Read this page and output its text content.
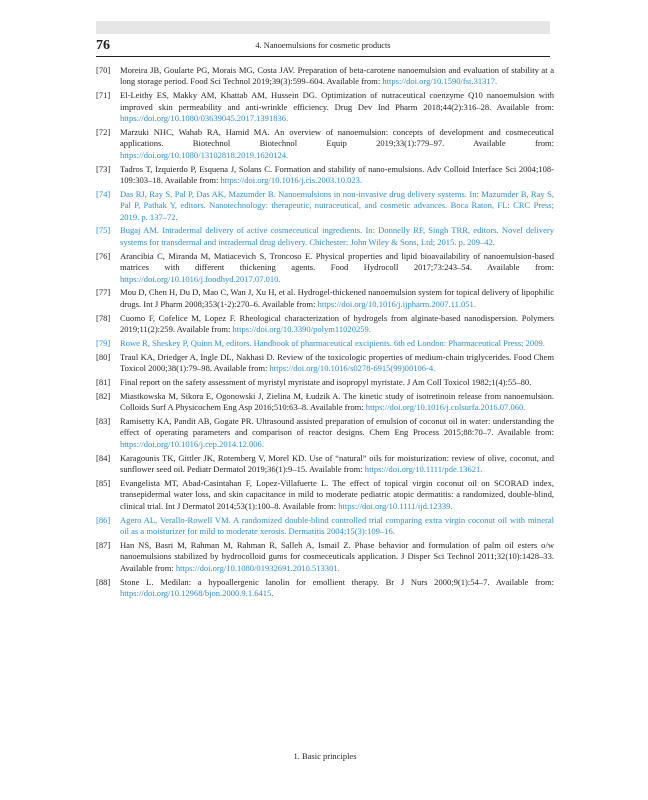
76	4. Nanoemulsions for cosmetic products
[70] Moreira JB, Goularte PG, Morais MG, Costa JAV. Preparation of beta-carotene nanoemulsion and evaluation of stability at a long storage period. Food Sci Technol 2019;39(3):599–604. Available from: https://doi.org/10.1590/fst.31317.
[71] El-Leithy ES, Makky AM, Khattab AM, Hussein DG. Optimization of nutraceutical coenzyme Q10 nanoemulsion with improved skin permeability and anti-wrinkle efficiency. Drug Dev Ind Pharm 2018;44(2):316–28. Available from: https://doi.org/10.1080/03639045.2017.1391836.
[72] Marzuki NHC, Wahab RA, Hamid MA. An overview of nanoemulsion: concepts of development and cosmeceutical applications. Biotechnol Biotechnol Equip 2019;33(1):779–97. Available from: https://doi.org/10.1080/13102818.2019.1620124.
[73] Tadros T, Izquierdo P, Esquena J, Solans C. Formation and stability of nano-emulsions. Adv Colloid Interface Sci 2004;108-109:303–18. Available from: https://doi.org/10.1016/j.cis.2003.10.023.
[74] Das RJ, Ray S, Pal P, Das AK, Mazumder B. Nanoemulsions in non-invasive drug delivery systems. In: Mazumder B, Ray S, Pal P, Pathak Y, editors. Nanotechnology: therapeutic, nutraceutical, and cosmetic advances. Boca Raton, FL: CRC Press; 2019. p. 137–72.
[75] Bugaj AM. Intradermal delivery of active cosmeceutical ingredients. In: Donnelly RF, Singh TRR, editors. Novel delivery systems for transdermal and intradermal drug delivery. Chichester: John Wiley & Sons, Ltd; 2015. p. 209–42.
[76] Arancibia C, Miranda M, Matiacevich S, Troncoso E. Physical properties and lipid bioavailability of nanoemulsion-based matrices with different thickening agents. Food Hydrocoll 2017;73:243–54. Available from: https://doi.org/10.1016/j.foodhyd.2017.07.010.
[77] Mou D, Chen H, Du D, Mao C, Wan J, Xu H, et al. Hydrogel-thickened nanoemulsion system for topical delivery of lipophilic drugs. Int J Pharm 2008;353(1-2):270–6. Available from: https://doi.org/10.1016/j.ijpharm.2007.11.051.
[78] Cuomo F, Cofelice M, Lopez F. Rheological characterization of hydrogels from alginate-based nanodispersion. Polymers 2019;11(2):259. Available from: https://doi.org/10.3390/polym11020259.
[79] Rowe R, Sheskey P, Quinn M, editors. Handbook of pharmaceutical excipients. 6th ed London: Pharmaceutical Press; 2009.
[80] Traul KA, Driedger A, Ingle DL, Nakhasi D. Review of the toxicologic properties of medium-chain triglycerides. Food Chem Toxicol 2000;38(1):79–98. Available from: https://doi.org/10.1016/s0278-6915(99)00106-4.
[81] Final report on the safety assessment of myristyl myristate and isopropyl myristate. J Am Coll Toxicol 1982;1(4):55–80.
[82] Miastkowska M, Sikora E, Ogonowski J, Zielina M, Łudzik A. The kinetic study of isotretinoin release from nanoemulsion. Colloids Surf A Physicochem Eng Asp 2016;510:63–8. Available from: https://doi.org/10.1016/j.colsurfa.2016.07.060.
[83] Ramisetty KA, Pandit AB, Gogate PR. Ultrasound assisted preparation of emulsion of coconut oil in water: understanding the effect of operating parameters and comparison of reactor designs. Chem Eng Process 2015;88:70–7. Available from: https://doi.org/10.1016/j.cep.2014.12.006.
[84] Karagounis TK, Gittler JK, Rotemberg V, Morel KD. Use of “natural” oils for moisturization: review of olive, coconut, and sunflower seed oil. Pediatr Dermatol 2019;36(1):9–15. Available from: https://doi.org/10.1111/pde.13621.
[85] Evangelista MT, Abad-Casintahan F, Lopez-Villafuerte L. The effect of topical virgin coconut oil on SCORAD index, transepidermal water loss, and skin capacitance in mild to moderate pediatric atopic dermatitis: a randomized, double-blind, clinical trial. Int J Dermatol 2014;53(1):100–8. Available from: https://doi.org/10.1111/ijd.12339.
[86] Agero AL, Verallo-Rowell VM. A randomized double-blind controlled trial comparing extra virgin coconut oil with mineral oil as a moisturizer for mild to moderate xerosis. Dermatitis 2004;15(3):109–16.
[87] Han NS, Basri M, Rahman M, Rahman R, Salleh A, Ismail Z. Phase behavior and formulation of palm oil esters o/w nanoemulsions stabilized by hydrocolloid gums for cosmeceuticals application. J Disper Sci Technol 2011;32(10):1428–33. Available from: https://doi.org/10.1080/01932691.2010.513301.
[88] Stone L. Medilan: a hypoallergenic lanolin for emollient therapy. Br J Nurs 2000;9(1):54–7. Available from: https://doi.org/10.12968/bjon.2000.9.1.6415.
1. Basic principles
